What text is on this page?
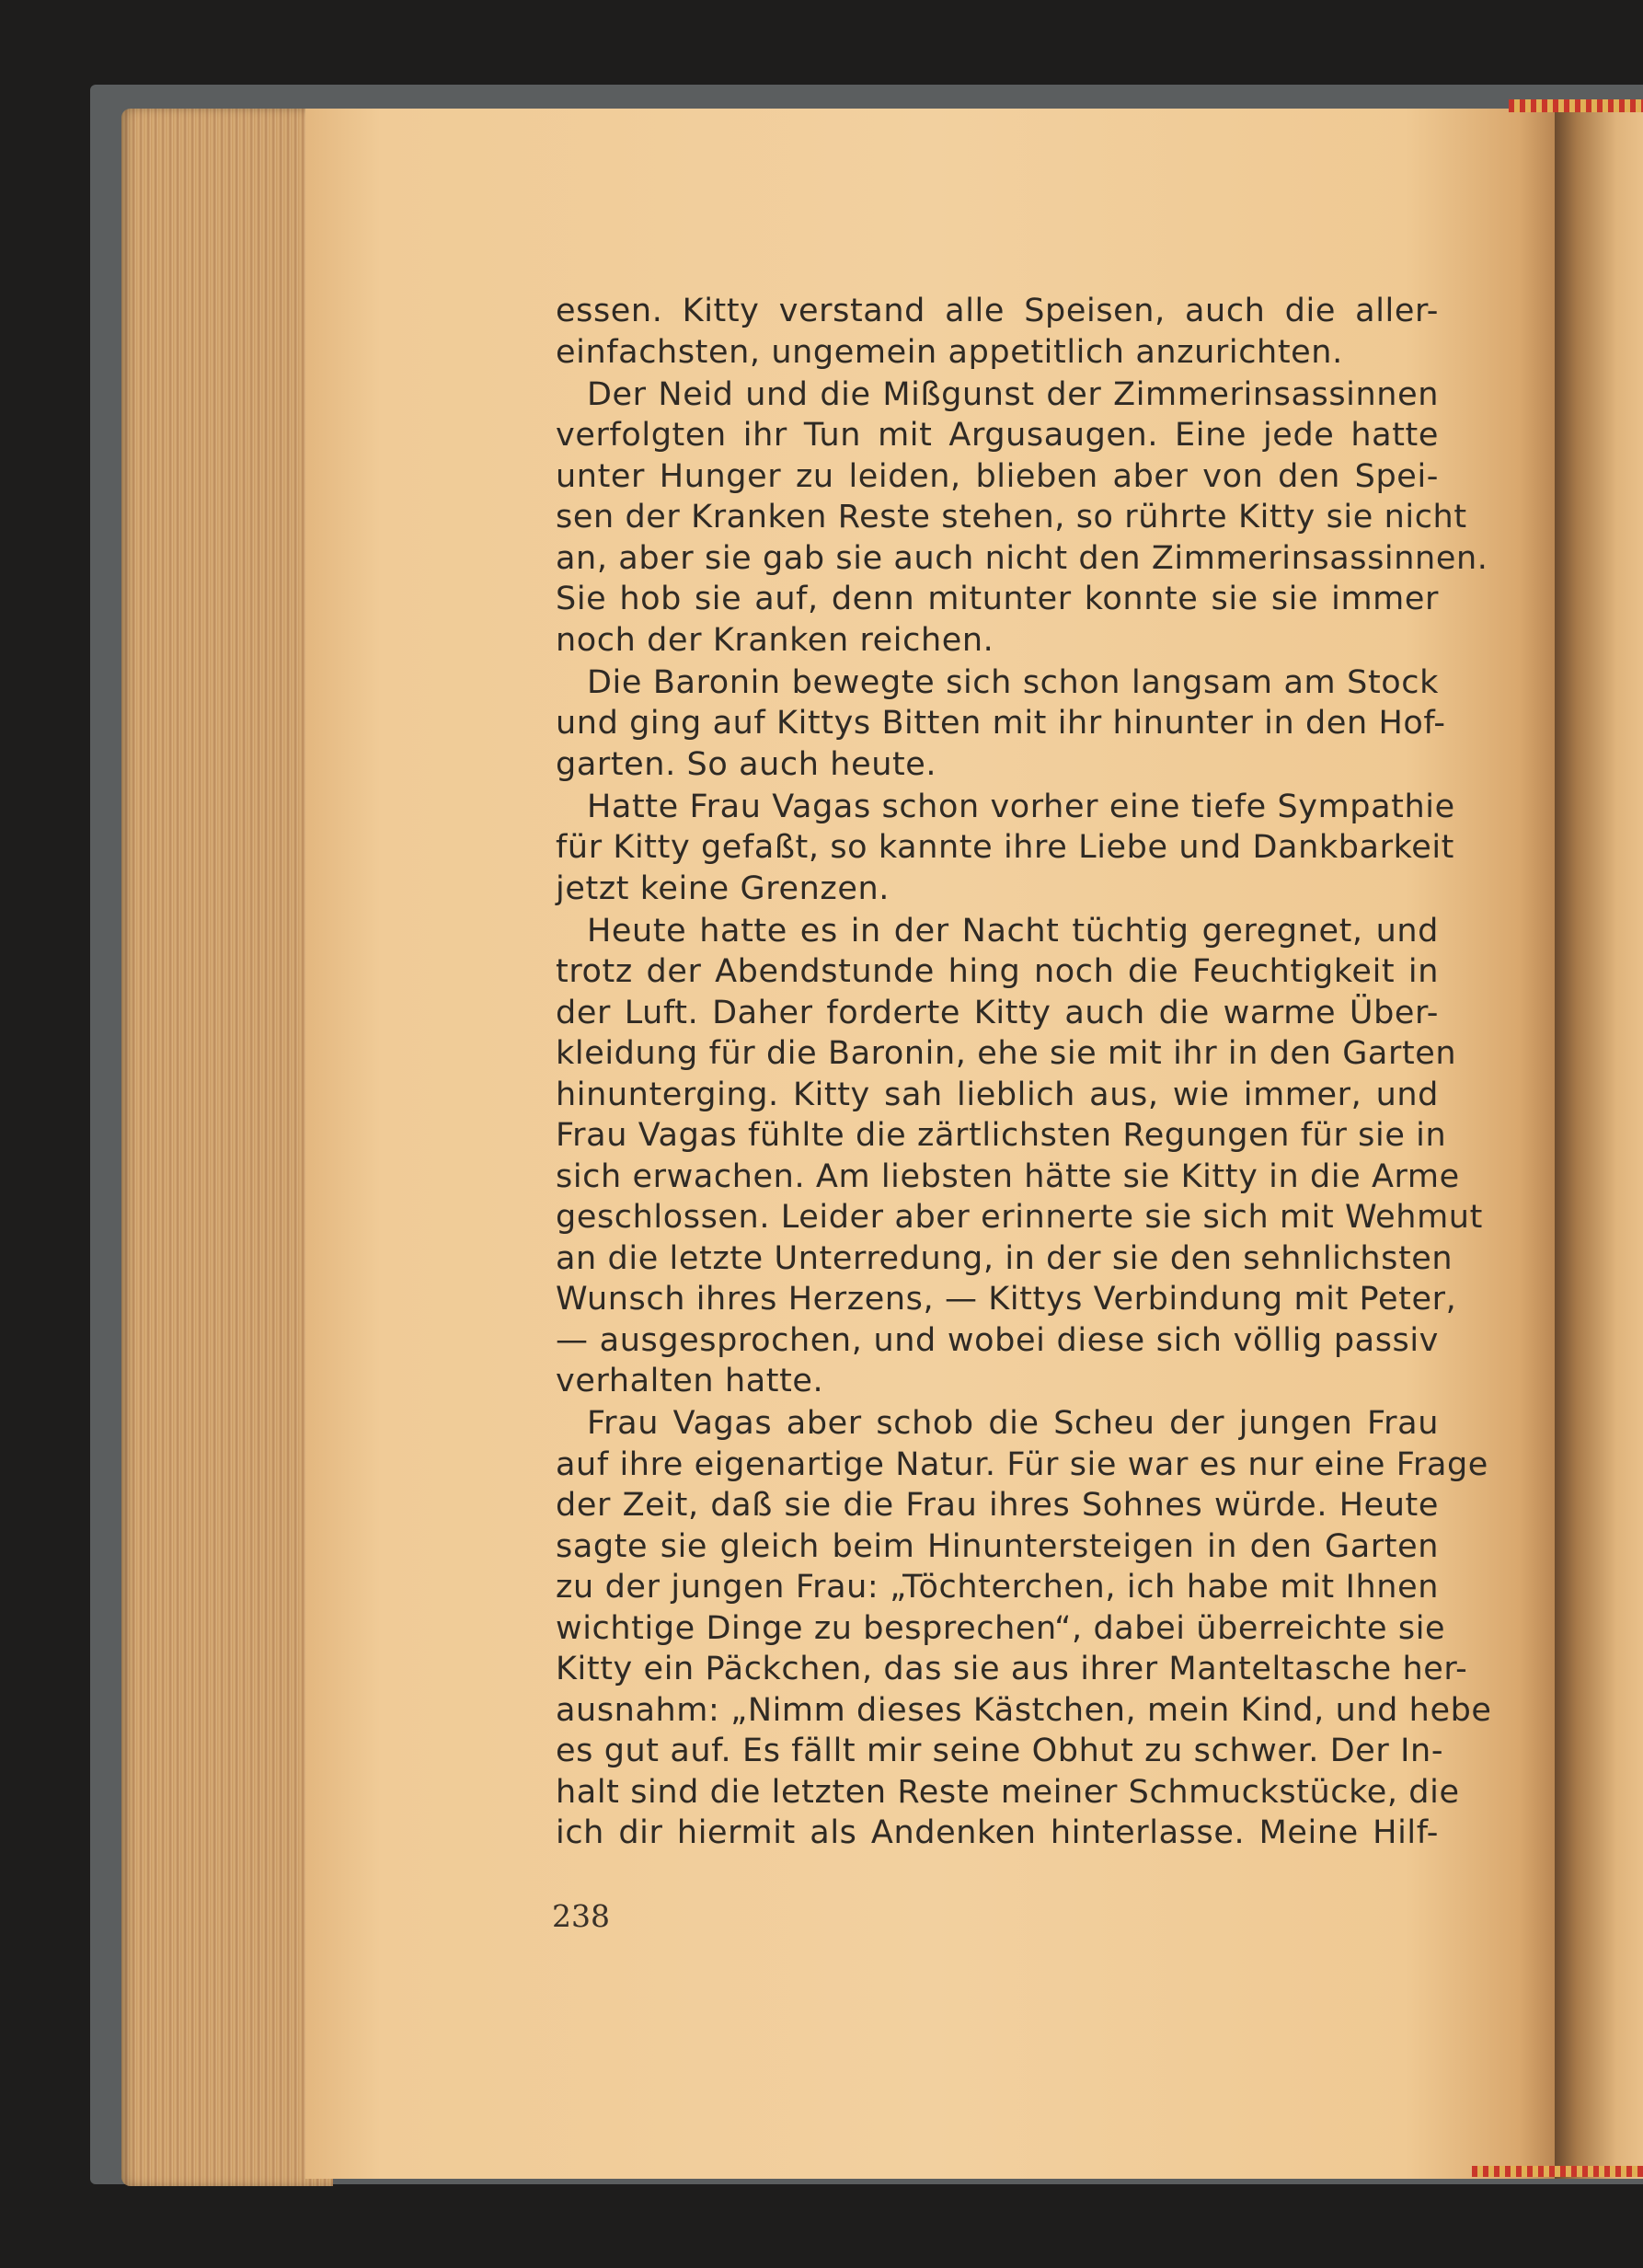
essen. Kitty verstand alle Speisen, auch die aller-
einfachsten, ungemein appetitlich anzurichten.
Der Neid und die Mißgunst der Zimmerinsassinnen
verfolgten ihr Tun mit Argusaugen. Eine jede hatte
unter Hunger zu leiden, blieben aber von den Spei-
sen der Kranken Reste stehen, so rührte Kitty sie nicht
an, aber sie gab sie auch nicht den Zimmerinsassinnen.
Sie hob sie auf, denn mitunter konnte sie sie immer
noch der Kranken reichen.
Die Baronin bewegte sich schon langsam am Stock
und ging auf Kittys Bitten mit ihr hinunter in den Hof-
garten. So auch heute.
Hatte Frau Vagas schon vorher eine tiefe Sympathie
für Kitty gefaßt, so kannte ihre Liebe und Dankbarkeit
jetzt keine Grenzen.
Heute hatte es in der Nacht tüchtig geregnet, und
trotz der Abendstunde hing noch die Feuchtigkeit in
der Luft. Daher forderte Kitty auch die warme Über-
kleidung für die Baronin, ehe sie mit ihr in den Garten
hinunterging. Kitty sah lieblich aus, wie immer, und
Frau Vagas fühlte die zärtlichsten Regungen für sie in
sich erwachen. Am liebsten hätte sie Kitty in die Arme
geschlossen. Leider aber erinnerte sie sich mit Wehmut
an die letzte Unterredung, in der sie den sehnlichsten
Wunsch ihres Herzens, — Kittys Verbindung mit Peter,
— ausgesprochen, und wobei diese sich völlig passiv
verhalten hatte.
Frau Vagas aber schob die Scheu der jungen Frau
auf ihre eigenartige Natur. Für sie war es nur eine Frage
der Zeit, daß sie die Frau ihres Sohnes würde. Heute
sagte sie gleich beim Hinuntersteigen in den Garten
zu der jungen Frau: „Töchterchen, ich habe mit Ihnen
wichtige Dinge zu besprechen“, dabei überreichte sie
Kitty ein Päckchen, das sie aus ihrer Manteltasche her-
ausnahm: „Nimm dieses Kästchen, mein Kind, und hebe
es gut auf. Es fällt mir seine Obhut zu schwer. Der In-
halt sind die letzten Reste meiner Schmuckstücke, die
ich dir hiermit als Andenken hinterlasse. Meine Hilf-
238
